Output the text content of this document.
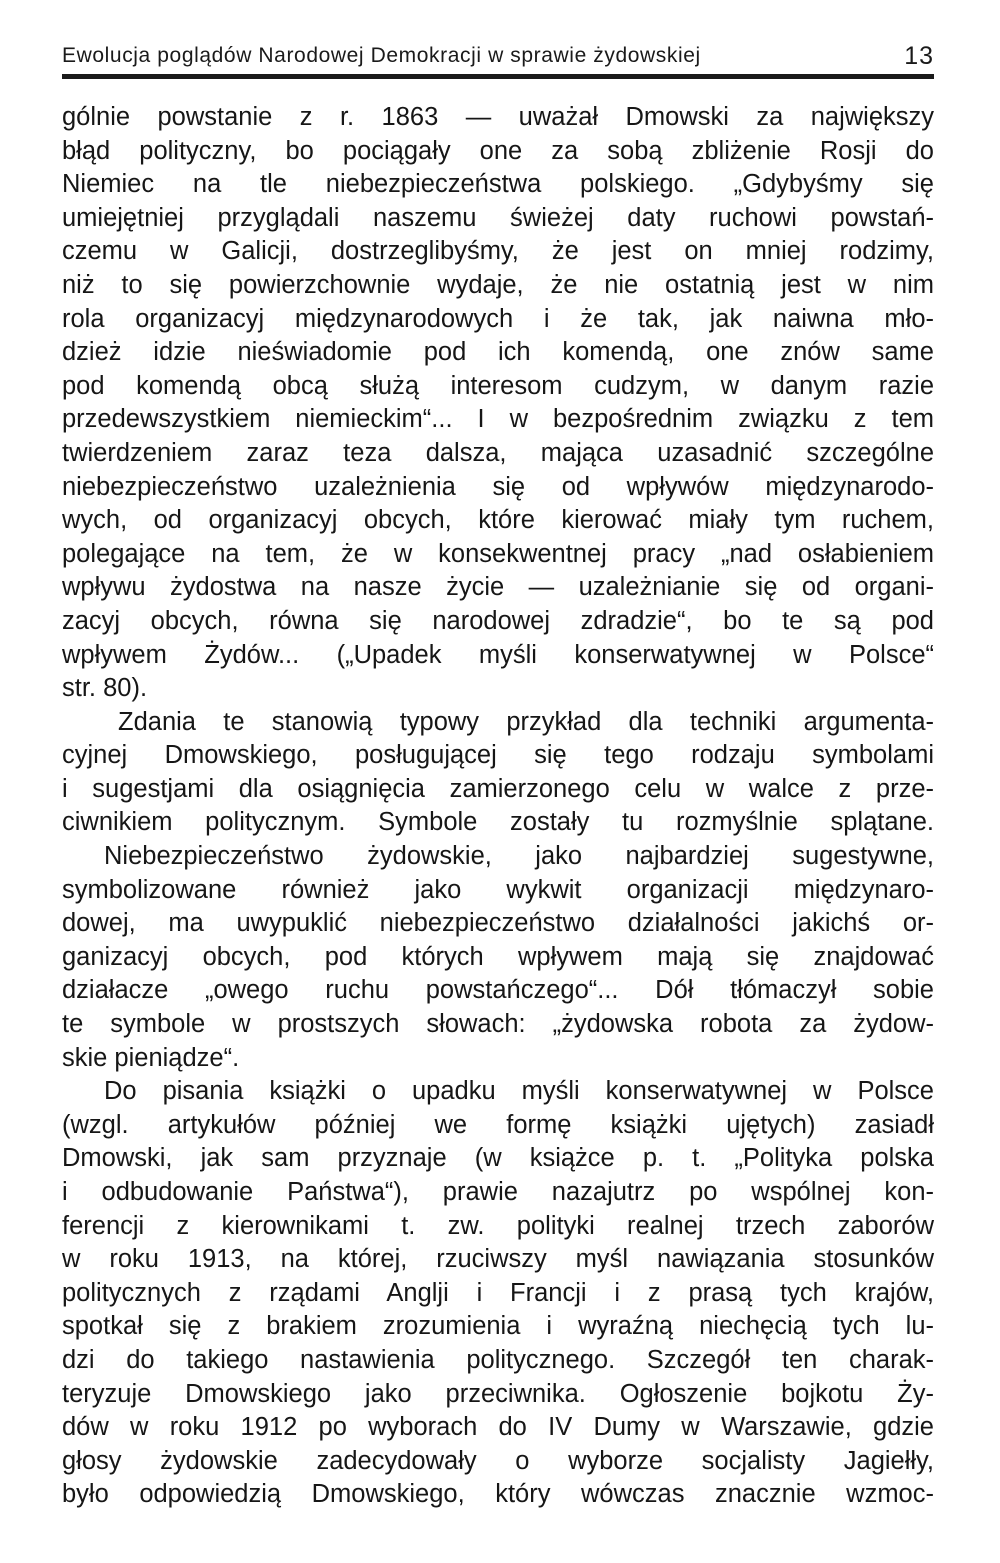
Ewolucja poglądów Narodowej Demokracji w sprawie żydowskiej	13
gólnie powstanie z r. 1863 — uważał Dmowski za największy
błąd polityczny, bo pociągały one za sobą zbliżenie Rosji do
Niemiec na tle niebezpieczeństwa polskiego. „Gdybyśmy się
umiejętniej przyglądali naszemu świeżej daty ruchowi powstań-
czemu w Galicji, dostrzeglibyśmy, że jest on mniej rodzimy,
niż to się powierzchownie wydaje, że nie ostatnią jest w nim
rola organizacyj międzynarodowych i że tak, jak naiwna mło-
dzież idzie nieświadomie pod ich komendą, one znów same
pod komendą obcą służą interesom cudzym, w danym razie
przedewszystkiem niemieckim“... I w bezpośrednim związku z tem
twierdzeniem zaraz teza dalsza, mająca uzasadnić szczególne
niebezpieczeństwo uzależnienia się od wpływów międzynarodo-
wych, od organizacyj obcych, które kierować miały tym ruchem,
polegające na tem, że w konsekwentnej pracy „nad osłabieniem
wpływu żydostwa na nasze życie — uzależnianie się od organi-
zacyj obcych, równa się narodowej zdradzie“, bo te są pod
wpływem Żydów... („Upadek myśli konserwatywnej w Polsce“
str. 80).
Zdania te stanowią typowy przykład dla techniki argumenta-
cyjnej Dmowskiego, posługującej się tego rodzaju symbolami
i sugestjami dla osiągnięcia zamierzonego celu w walce z prze-
ciwnikiem politycznym. Symbole zostały tu rozmyślnie splątane.
Niebezpieczeństwo żydowskie, jako najbardziej sugestywne,
symbolizowane również jako wykwit organizacji międzynaro-
dowej, ma uwypuklić niebezpieczeństwo działalności jakichś or-
ganizacyj obcych, pod których wpływem mają się znajdować
działacze „owego ruchu powstańczego“... Dół tłómaczył sobie
te symbole w prostszych słowach: „żydowska robota za żydow-
skie pieniądze“.
Do pisania książki o upadku myśli konserwatywnej w Polsce
(wzgl. artykułów później we formę książki ujętych) zasiadł
Dmowski, jak sam przyznaje (w książce p. t. „Polityka polska
i odbudowanie Państwa“), prawie nazajutrz po wspólnej kon-
ferencji z kierownikami t. zw. polityki realnej trzech zaborów
w roku 1913, na której, rzuciwszy myśl nawiązania stosunków
politycznych z rządami Anglji i Francji i z prasą tych krajów,
spotkał się z brakiem zrozumienia i wyraźną niechęcią tych lu-
dzi do takiego nastawienia politycznego. Szczegół ten charak-
teryzuje Dmowskiego jako przeciwnika. Ogłoszenie bojkotu Ży-
dów w roku 1912 po wyborach do IV Dumy w Warszawie, gdzie
głosy żydowskie zadecydowały o wyborze socjalisty Jagiełły,
było odpowiedzią Dmowskiego, który wówczas znacznie wzmoc-
